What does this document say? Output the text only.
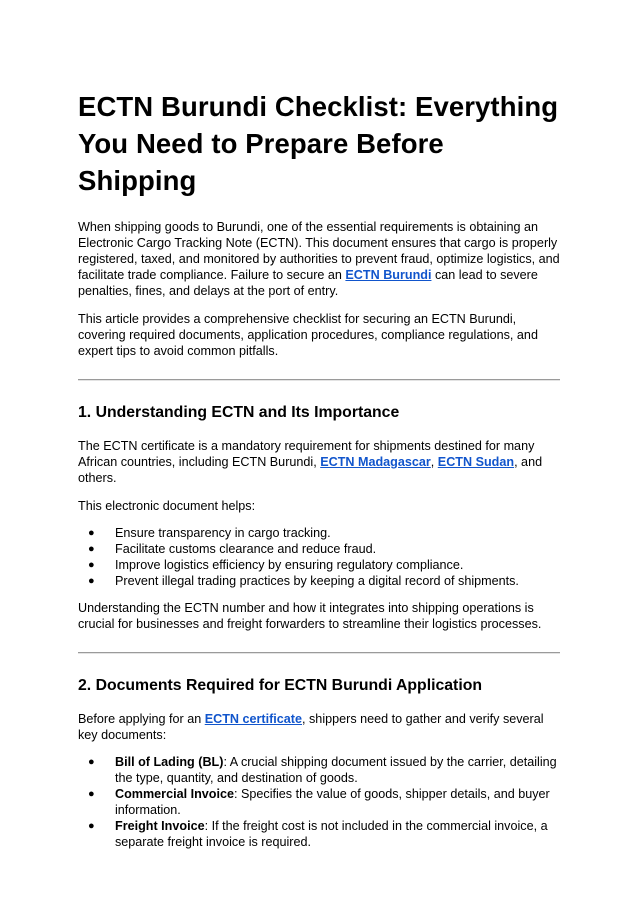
ECTN Burundi Checklist: Everything You Need to Prepare Before Shipping

When shipping goods to Burundi, one of the essential requirements is obtaining an Electronic Cargo Tracking Note (ECTN). This document ensures that cargo is properly registered, taxed, and monitored by authorities to prevent fraud, optimize logistics, and facilitate trade compliance. Failure to secure an ECTN Burundi can lead to severe penalties, fines, and delays at the port of entry.

This article provides a comprehensive checklist for securing an ECTN Burundi, covering required documents, application procedures, compliance regulations, and expert tips to avoid common pitfalls.

1. Understanding ECTN and Its Importance

The ECTN certificate is a mandatory requirement for shipments destined for many African countries, including ECTN Burundi, ECTN Madagascar, ECTN Sudan, and others.

This electronic document helps:

● Ensure transparency in cargo tracking.
● Facilitate customs clearance and reduce fraud.
● Improve logistics efficiency by ensuring regulatory compliance.
● Prevent illegal trading practices by keeping a digital record of shipments.

Understanding the ECTN number and how it integrates into shipping operations is crucial for businesses and freight forwarders to streamline their logistics processes.

2. Documents Required for ECTN Burundi Application

Before applying for an ECTN certificate, shippers need to gather and verify several key documents:

● Bill of Lading (BL): A crucial shipping document issued by the carrier, detailing the type, quantity, and destination of goods.
● Commercial Invoice: Specifies the value of goods, shipper details, and buyer information.
● Freight Invoice: If the freight cost is not included in the commercial invoice, a separate freight invoice is required.
